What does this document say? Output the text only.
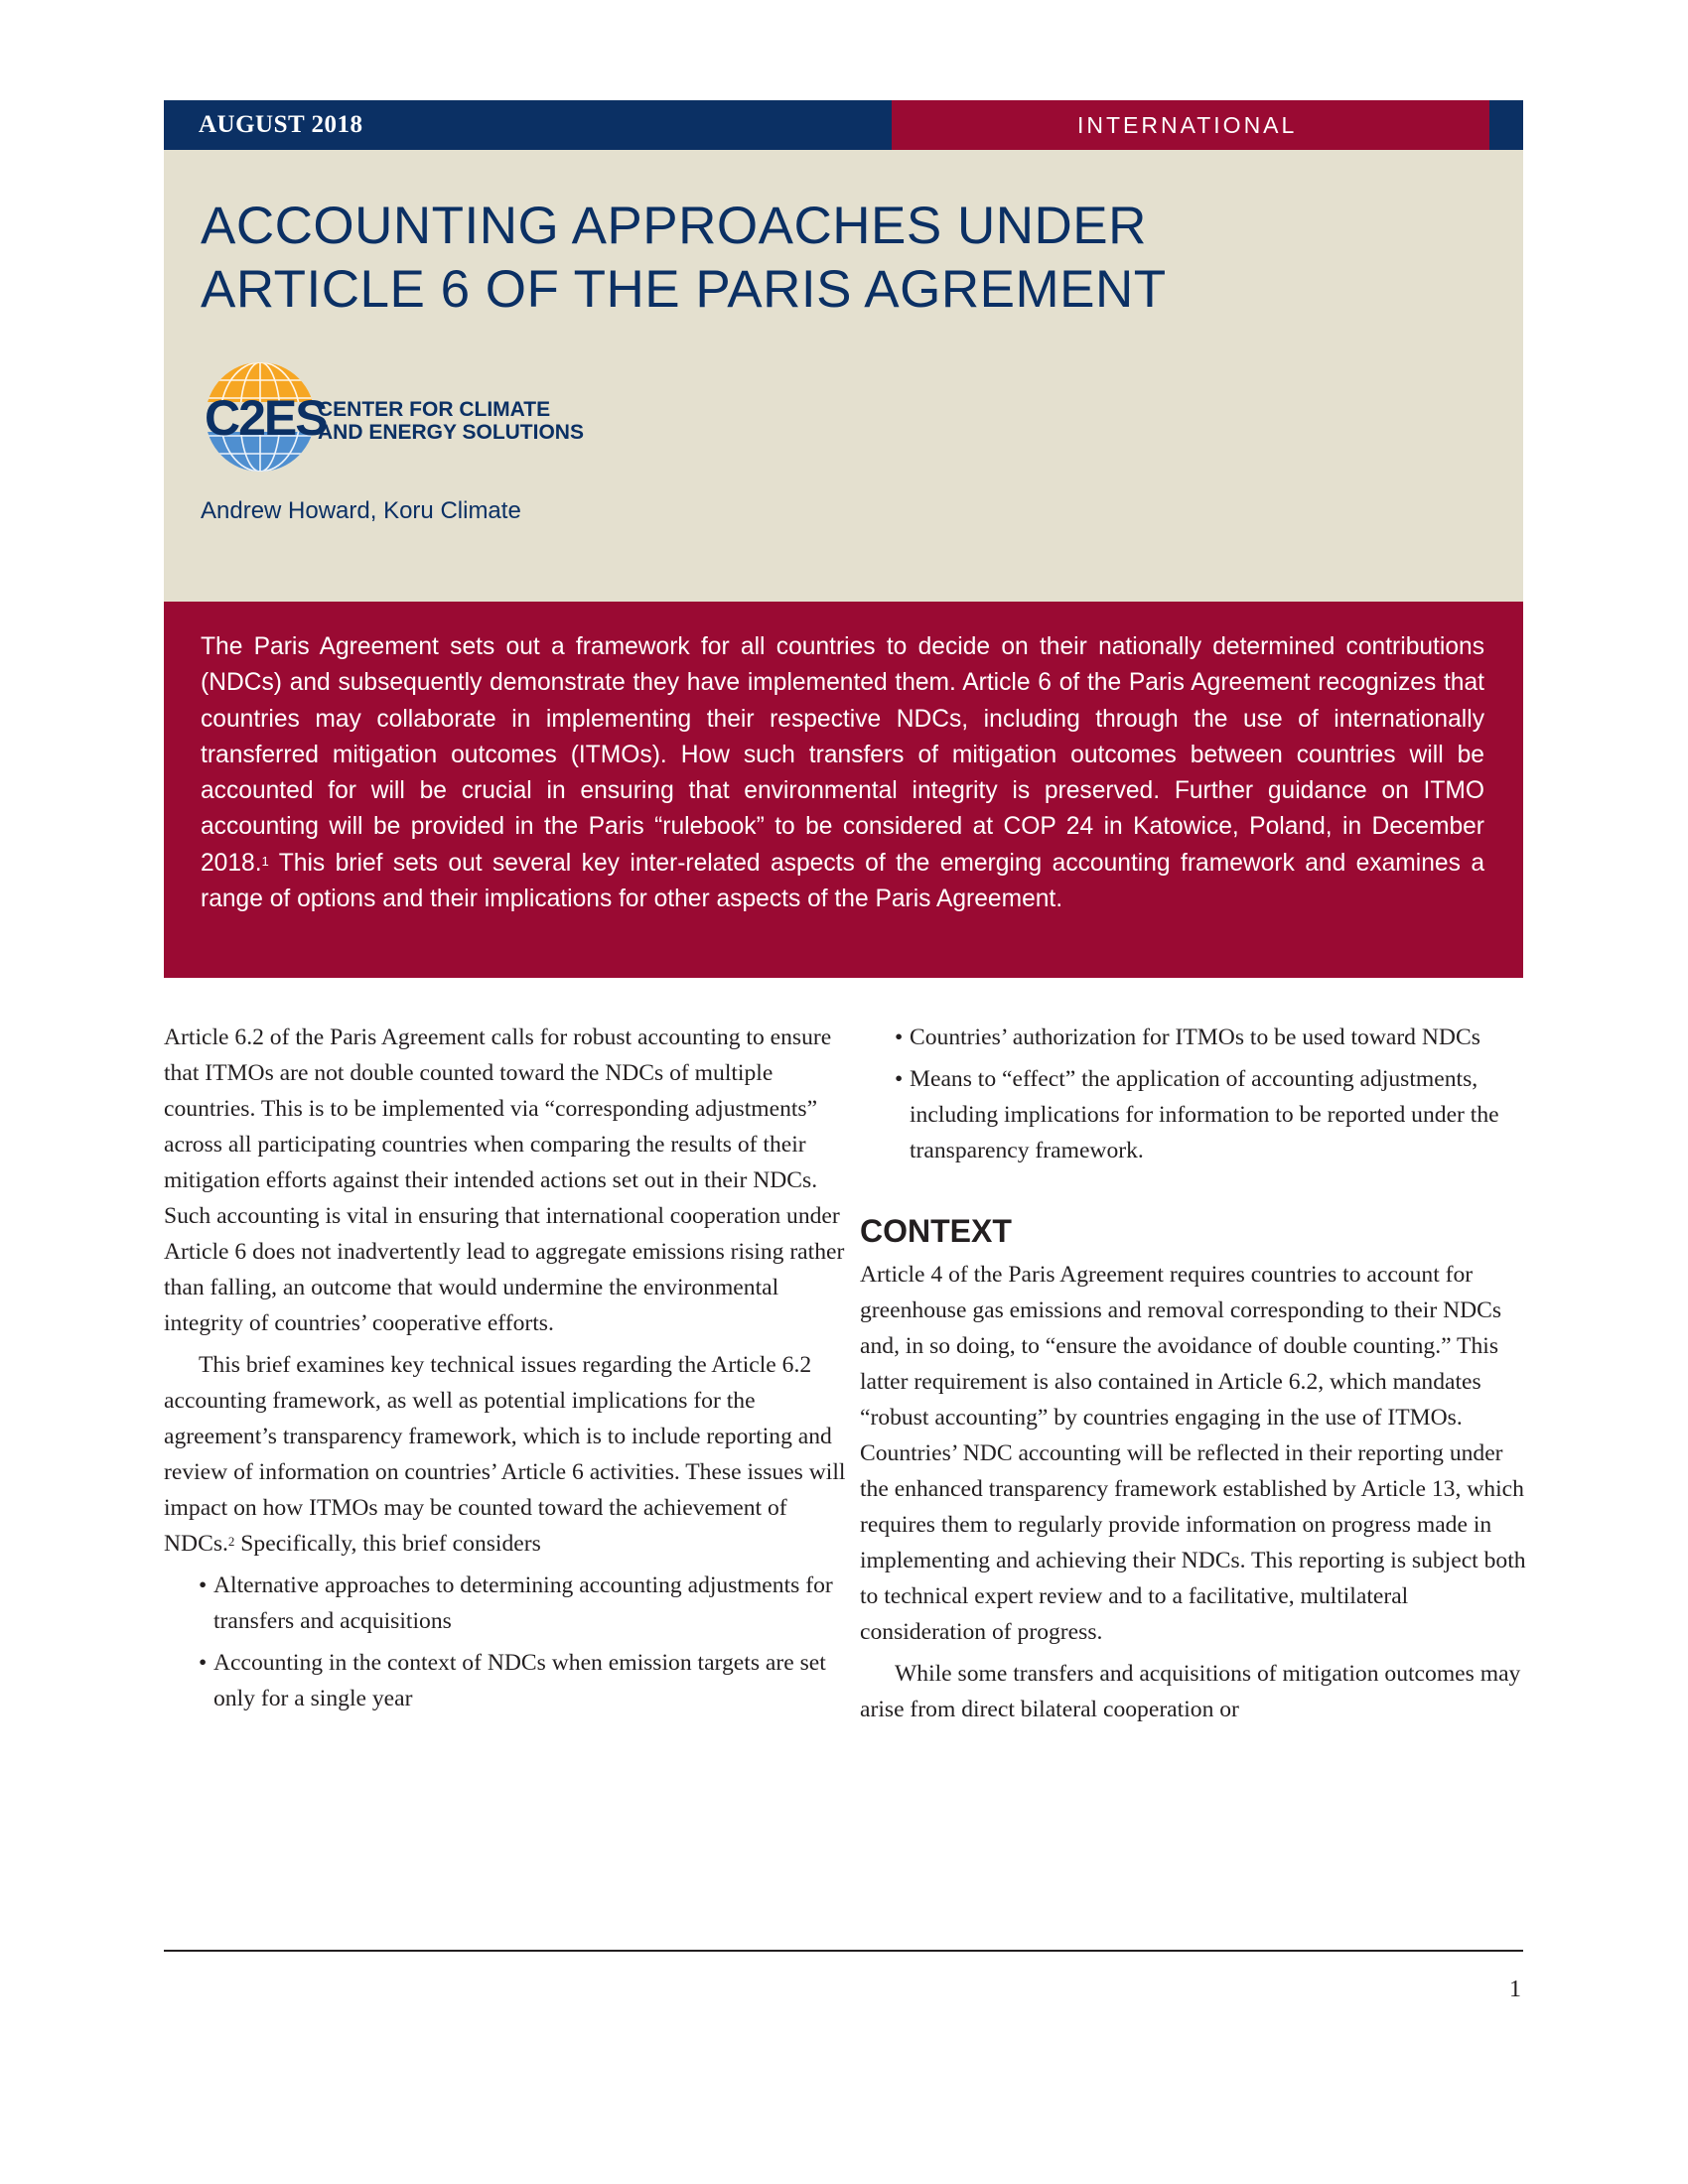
AUGUST 2018	INTERNATIONAL
ACCOUNTING APPROACHES UNDER
ARTICLE 6 OF THE PARIS AGREMENT
C2ES
CENTER FOR CLIMATE
AND ENERGY SOLUTIONS

Andrew Howard, Koru Climate

The Paris Agreement sets out a framework for all countries to decide on their nationally determined contributions (NDCs) and subsequently demonstrate they have implemented them. Article 6 of the Paris Agreement recognizes that countries may collaborate in implementing their respective NDCs, including through the use of internationally transferred mitigation outcomes (ITMOs). How such transfers of mitigation outcomes between countries will be accounted for will be crucial in ensuring that environmental integrity is preserved. Further guidance on ITMO accounting will be provided in the Paris “rulebook” to be considered at COP 24 in Katowice, Poland, in December 2018.$^1$ This brief sets out several key inter-related aspects of the emerging accounting framework and examines a range of options and their implications for other aspects of the Paris Agreement.

Article 6.2 of the Paris Agreement calls for robust accounting to ensure that ITMOs are not double counted toward the NDCs of multiple countries. This is to be implemented via “corresponding adjustments” across all participating countries when comparing the results of their mitigation efforts against their intended actions set out in their NDCs. Such accounting is vital in ensuring that international cooperation under Article 6 does not inadvertently lead to aggregate emissions rising rather than falling, an outcome that would undermine the environmental integrity of countries’ cooperative efforts.

This brief examines key technical issues regarding the Article 6.2 accounting framework, as well as potential implications for the agreement’s transparency framework, which is to include reporting and review of information on countries’ Article 6 activities. These issues will impact on how ITMOs may be counted toward the achievement of NDCs.$^2$ Specifically, this brief considers

• Alternative approaches to determining accounting adjustments for transfers and acquisitions
• Accounting in the context of NDCs when emission targets are set only for a single year
• Countries’ authorization for ITMOs to be used toward NDCs
• Means to “effect” the application of accounting adjustments, including implications for information to be reported under the transparency framework.
CONTEXT

Article 4 of the Paris Agreement requires countries to account for greenhouse gas emissions and removal corresponding to their NDCs and, in so doing, to “ensure the avoidance of double counting.” This latter requirement is also contained in Article 6.2, which mandates “robust accounting” by countries engaging in the use of ITMOs. Countries’ NDC accounting will be reflected in their reporting under the enhanced transparency framework established by Article 13, which requires them to regularly provide information on progress made in implementing and achieving their NDCs. This reporting is subject both to technical expert review and to a facilitative, multilateral consideration of progress.

While some transfers and acquisitions of mitigation outcomes may arise from direct bilateral cooperation or

1
